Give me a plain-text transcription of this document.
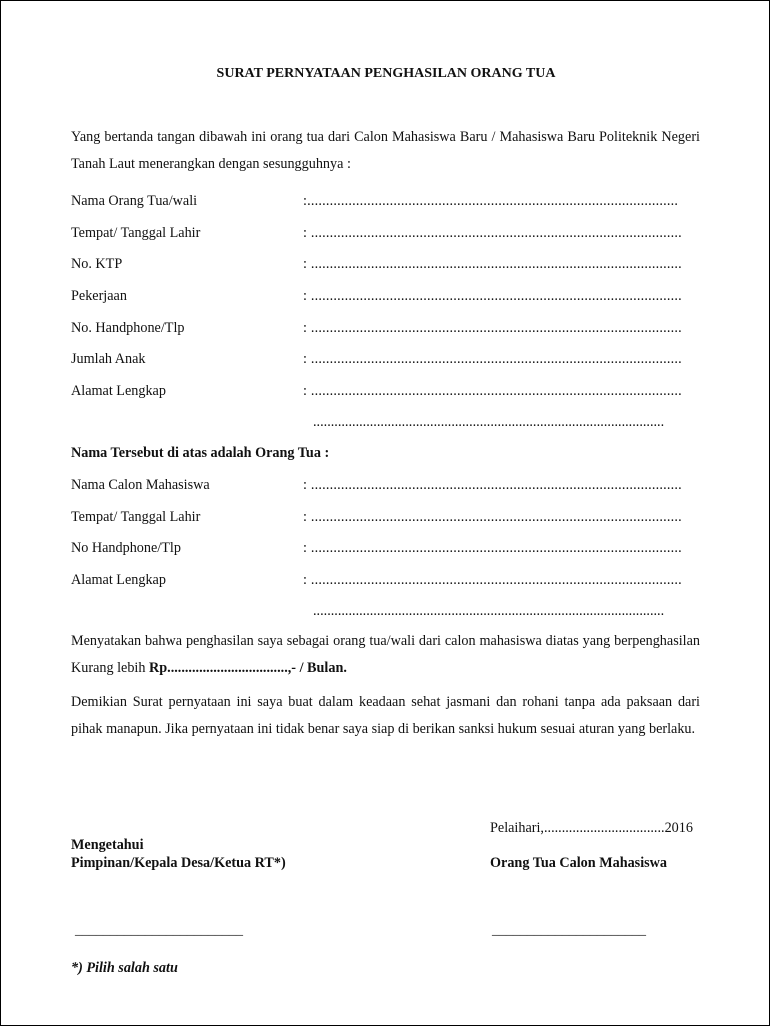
SURAT PERNYATAAN PENGHASILAN ORANG TUA
Yang bertanda tangan dibawah ini orang tua dari Calon Mahasiswa Baru / Mahasiswa Baru Politeknik Negeri Tanah Laut menerangkan dengan sesungguhnya :
Nama Orang Tua/wali	:...................................................................................................
Tempat/ Tanggal Lahir	: ...................................................................................................
No. KTP	: ...................................................................................................
Pekerjaan	: ...................................................................................................
No. Handphone/Tlp	: ...................................................................................................
Jumlah Anak	: ...................................................................................................
Alamat Lengkap	: ...................................................................................................
...................................................................................................
Nama Tersebut di atas adalah Orang Tua :
Nama Calon Mahasiswa	: ...................................................................................................
Tempat/ Tanggal Lahir	: ...................................................................................................
No Handphone/Tlp	: ...................................................................................................
Alamat Lengkap	: ...................................................................................................
...................................................................................................
Menyatakan bahwa penghasilan saya sebagai orang tua/wali dari calon mahasiswa diatas yang berpenghasilan Kurang lebih Rp..................................,- / Bulan.
Demikian Surat pernyataan ini saya buat dalam keadaan sehat jasmani dan rohani tanpa ada paksaan dari pihak manapun. Jika pernyataan ini tidak benar saya siap di berikan sanksi hukum sesuai aturan yang berlaku.
Pelaihari,..................................2016
Mengetahui
Pimpinan/Kepala Desa/Ketua RT*)	Orang Tua Calon Mahasiswa
________________________	______________________
*) Pilih salah satu
